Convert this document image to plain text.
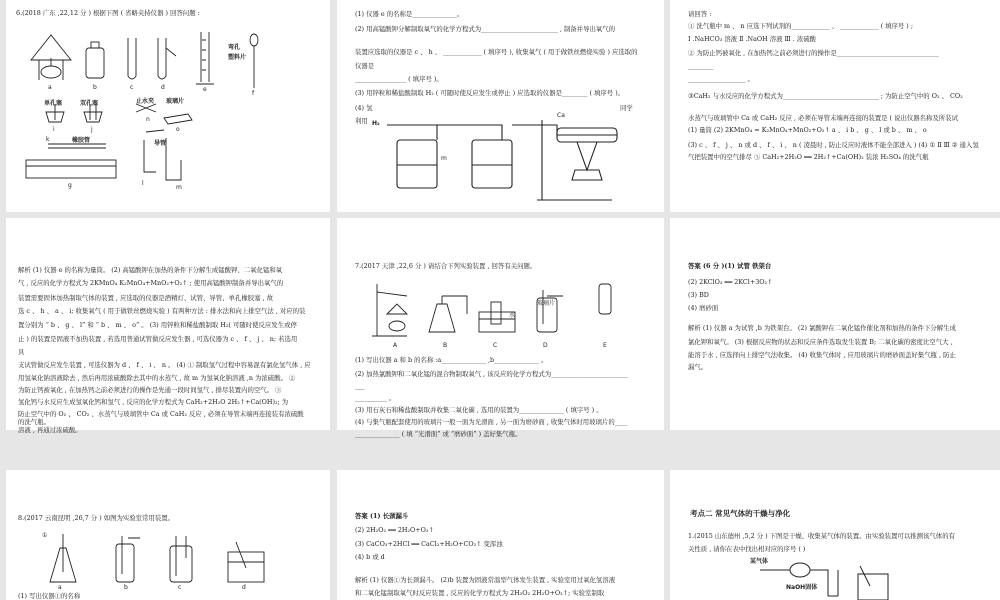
6.(2018 广东 ,22,12 分 ) 根据下图 ( 省略夹持仪器 ) 回答问题 :
a	b	c	d	e
f
弯孔
塑料片
单孔塞	双孔塞
i	j
橡胶管
k
止水夹 玻璃片
n
o
导管
l
m
g
(1) 仪器 e 的名称是______________。
(2) 用高锰酸钾分解制取氧气的化学方程式为________________________ , 制备并导出氧气的
装置应选取的仪器是 c 、 h 、 ____________ ( 填序号 ), 收集氧气 ( 用于做铁丝燃烧实验 ) 应选取的
仪器是
________________ ( 填序号 )。
(3) 用锌粒和稀盐酸制取 H₂ ( 可随时使反应发生或停止 ) 应选取的仪器是________ ( 填序号 )。
(4) 氢
利用
同学
H₂
m
Ca
请回答 :
① 洗气瓶中 m 、 n 应选下列试剂的____________ 、 ____________ ( 填序号 ) ;
Ⅰ .NaHCO₃ 溶液 Ⅱ .NaOH 溶液 Ⅲ . 浓硫酸
② 为防止钙被氧化 , 在加热钙之前必须进行的操作是________________________________
________
__________________ 。
③CaH₂ 与水反应的化学方程式为______________________________ ; 为防止空气中的 O₂ 、 CO₂
水蒸气与玻璃管中 Ca 或 CaH₂ 反应 , 必须在导管末端再连接的装置是 ( 说出仪器名称及所装试
(1) 量筒 (2) 2KMnO₄ = K₂MnO₄+MnO₂+O₂↑ a 、 i b 、 g 、 l 或 b 、 m 、 o
(3) c 、 f 、 j 、 n 或 d 、 f 、 i 、 n ( 凌晨时 , 防止反应时液体不能全部进入 ) (4) ① Ⅱ Ⅲ ② 通入氢
气把装置中的空气排尽 ③ CaH₂+2H₂O ══ 2H₂↑+Ca(OH)₂ 装浓 H₂SO₄ 的洗气瓶
解析 (1) 仪器 e 的名称为量筒。 (2) 高锰酸钾在加热的条件下分解生成锰酸钾、二氧化锰和氧
气 , 反应的化学方程式为 2KMnO₄ K₂MnO₄+MnO₂+O₂↑ ; 使用高锰酸钾制备并导出氧气的
装置需要固体加热制取气体的装置 , 应选取的仪器是酒精灯、试管、导管、单孔橡胶塞 , 故
选 c 、 h 、 a 、 i; 收集氧气 ( 用于做铁丝燃烧实验 ) 有两种方法 : 排水法和向上排空气法 , 对应的装
置分别为 “ b 、 g 、 l” 和 “ b 、 m 、 o” 。 (3) 用锌粒和稀盐酸制取 H₂( 可随时使反应发生或停
止 ) 的装置是固液不加热装置 , 若选用普通试管做反应发生器 , 可选仪器为 c 、 f 、 j 、 n; 若选用
具
支试管做反应发生装置 , 可选仪器为 d 、 f 、 i 、 n 。 (4) ① 制取氢气过程中容易混有氯化氢气体 , 应
用氢氧化钠溶液除去 , 然后再用浓硫酸除去其中的水蒸气 , 故 m 为氢氧化钠溶液 ,n 为浓硫酸。 ②
为防止钙被氧化 , 在加热钙之前必须进行的操作是先通一段时间氢气 , 排尽装置内的空气。 ③
氢化钙与水反应生成氢氧化钙和氢气 , 反应的化学方程式为 CaH₂+2H₂O 2H₂↑+Ca(OH)₂; 为
防止空气中的 O₂ 、 CO₂ 、水蒸气与玻璃管中 Ca 或 CaH₂ 反应 , 必须在导管末端再连接装有浓硫酸
的洗气瓶。
溶液 , 再通过浓硫酸。
7.(2017 天津 ,22,6 分 ) 请结合下列实验装置 , 回答有关问题。
A	B	C	D	E
水
玻璃片
(1) 写出仪器 a 和 b 的名称 :a______________ ,b______________ 。
(2) 加热氯酸钾和二氧化锰的混合物制取氧气 , 该反应的化学方程式为________________________
___
__________ 。
(3) 用石灰石和稀盐酸制取并收集二氧化碳 , 选用的装置为______________ ( 填字号 ) 。
(4) 与集气瓶配套使用的玻璃片一般一面为光滑面 , 另一面为磨砂面 , 收集气体时用玻璃片的____
______________ ( 填 “光滑面” 或 “磨砂面” ) 盖好集气瓶。
答案 (6 分 )(1) 试管 铁架台
(2) 2KClO₃ ══ 2KCl+3O₂↑
(3) BD
(4) 磨砂面
解析 (1) 仪器 a 为试管 ,b 为铁架台。 (2) 氯酸钾在二氧化锰作催化剂和加热的条件下分解生成
氯化钾和氧气。 (3) 根据反应物的状态和反应条件选取发生装置 B; 二氧化碳的密度比空气大 ,
能溶于水 , 应选择向上排空气法收集。 (4) 收集气体时 , 应用玻璃片的磨砂面盖好集气瓶 , 防止
漏气。
8.(2017 云南昆明 ,26,7 分 ) 如图为实验室常用装置。
①
a	b	c	d
(1) 写出仪器①的名称
答案 (1) 长颈漏斗
(2) 2H₂O₂ ══ 2H₂O+O₂↑
(3) CaCO₃+2HCl ══ CaCl₂+H₂O+CO₂↑ 变浑浊
(4) b 或 d
解析 (1) 仪器①为长颈漏斗。 (2)b 装置为固液常温型气体发生装置 , 实验室用过氧化氢溶液
和二氧化锰制取氧气时反应装置 , 反应的化学方程式为 2H₂O₂ 2H₂O+O₂↑; 实验室制取
考点二 常见气体的干燥与净化
1.(2015 山东德州 ,5,2 分 ) 下图是干燥、收集某气体的装置。由实验装置可以推测该气体的有
关性质 , 请你在表中找出相对应的序号 ( )
某气体
NaOH固体
